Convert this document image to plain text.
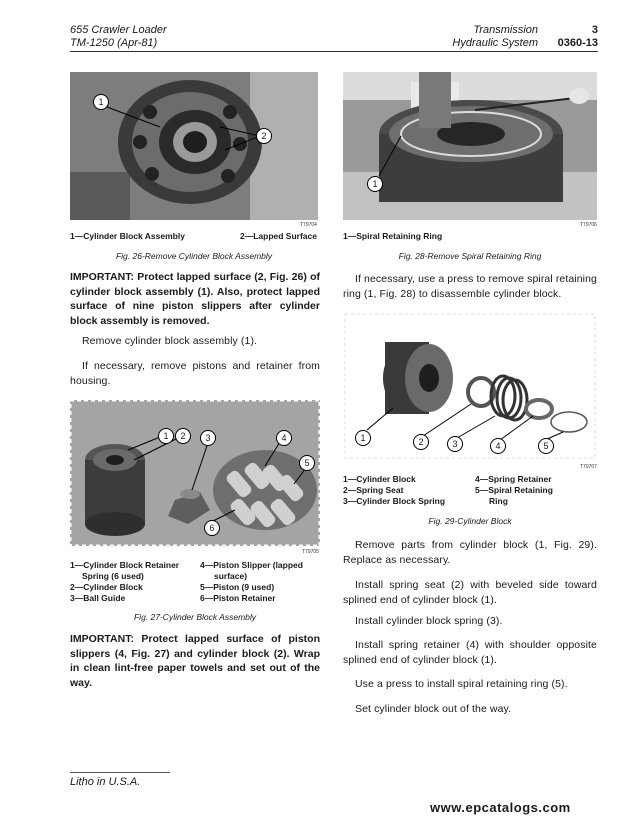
655 Crawler Loader
TM-1250 (Apr-81)
Transmission	3
Hydraulic System	0360-13
1
2
T79704
1—Cylinder Block Assembly	2—Lapped Surface
Fig. 26-Remove Cylinder Block Assembly
IMPORTANT: Protect lapped surface (2, Fig. 26) of cylinder block assembly (1). Also, protect lapped surface of nine piston slippers after cylinder block assembly is removed.
Remove cylinder block assembly (1).
If necessary, remove pistons and retainer from housing.
1	2	3	4
5
6
T79705
1—Cylinder Block Retainer
Spring (6 used)
2—Cylinder Block
3—Ball Guide
4—Piston Slipper (lapped
surface)
5—Piston (9 used)
6—Piston Retainer
Fig. 27-Cylinder Block Assembly
IMPORTANT: Protect lapped surface of piston slippers (4, Fig. 27) and cylinder block (2). Wrap in clean lint-free paper towels and set out of the way.
1
T79706
1—Spiral Retaining Ring
Fig. 28-Remove Spiral Retaining Ring
If necessary, use a press to remove spiral retaining ring (1, Fig. 28) to disassemble cylinder block.
1	2	3	4	5
T79707
1—Cylinder Block
2—Spring Seat
3—Cylinder Block Spring
4—Spring Retainer
5—Spiral Retaining
Ring
Fig. 29-Cylinder Block
Remove parts from cylinder block (1, Fig. 29). Replace as necessary.
Install spring seat (2) with beveled side toward splined end of cylinder block (1).
Install cylinder block spring (3).
Install spring retainer (4) with shoulder opposite splined end of cylinder block (1).
Use a press to install spiral retaining ring (5).
Set cylinder block out of the way.
Litho in U.S.A.
www.epcatalogs.com
